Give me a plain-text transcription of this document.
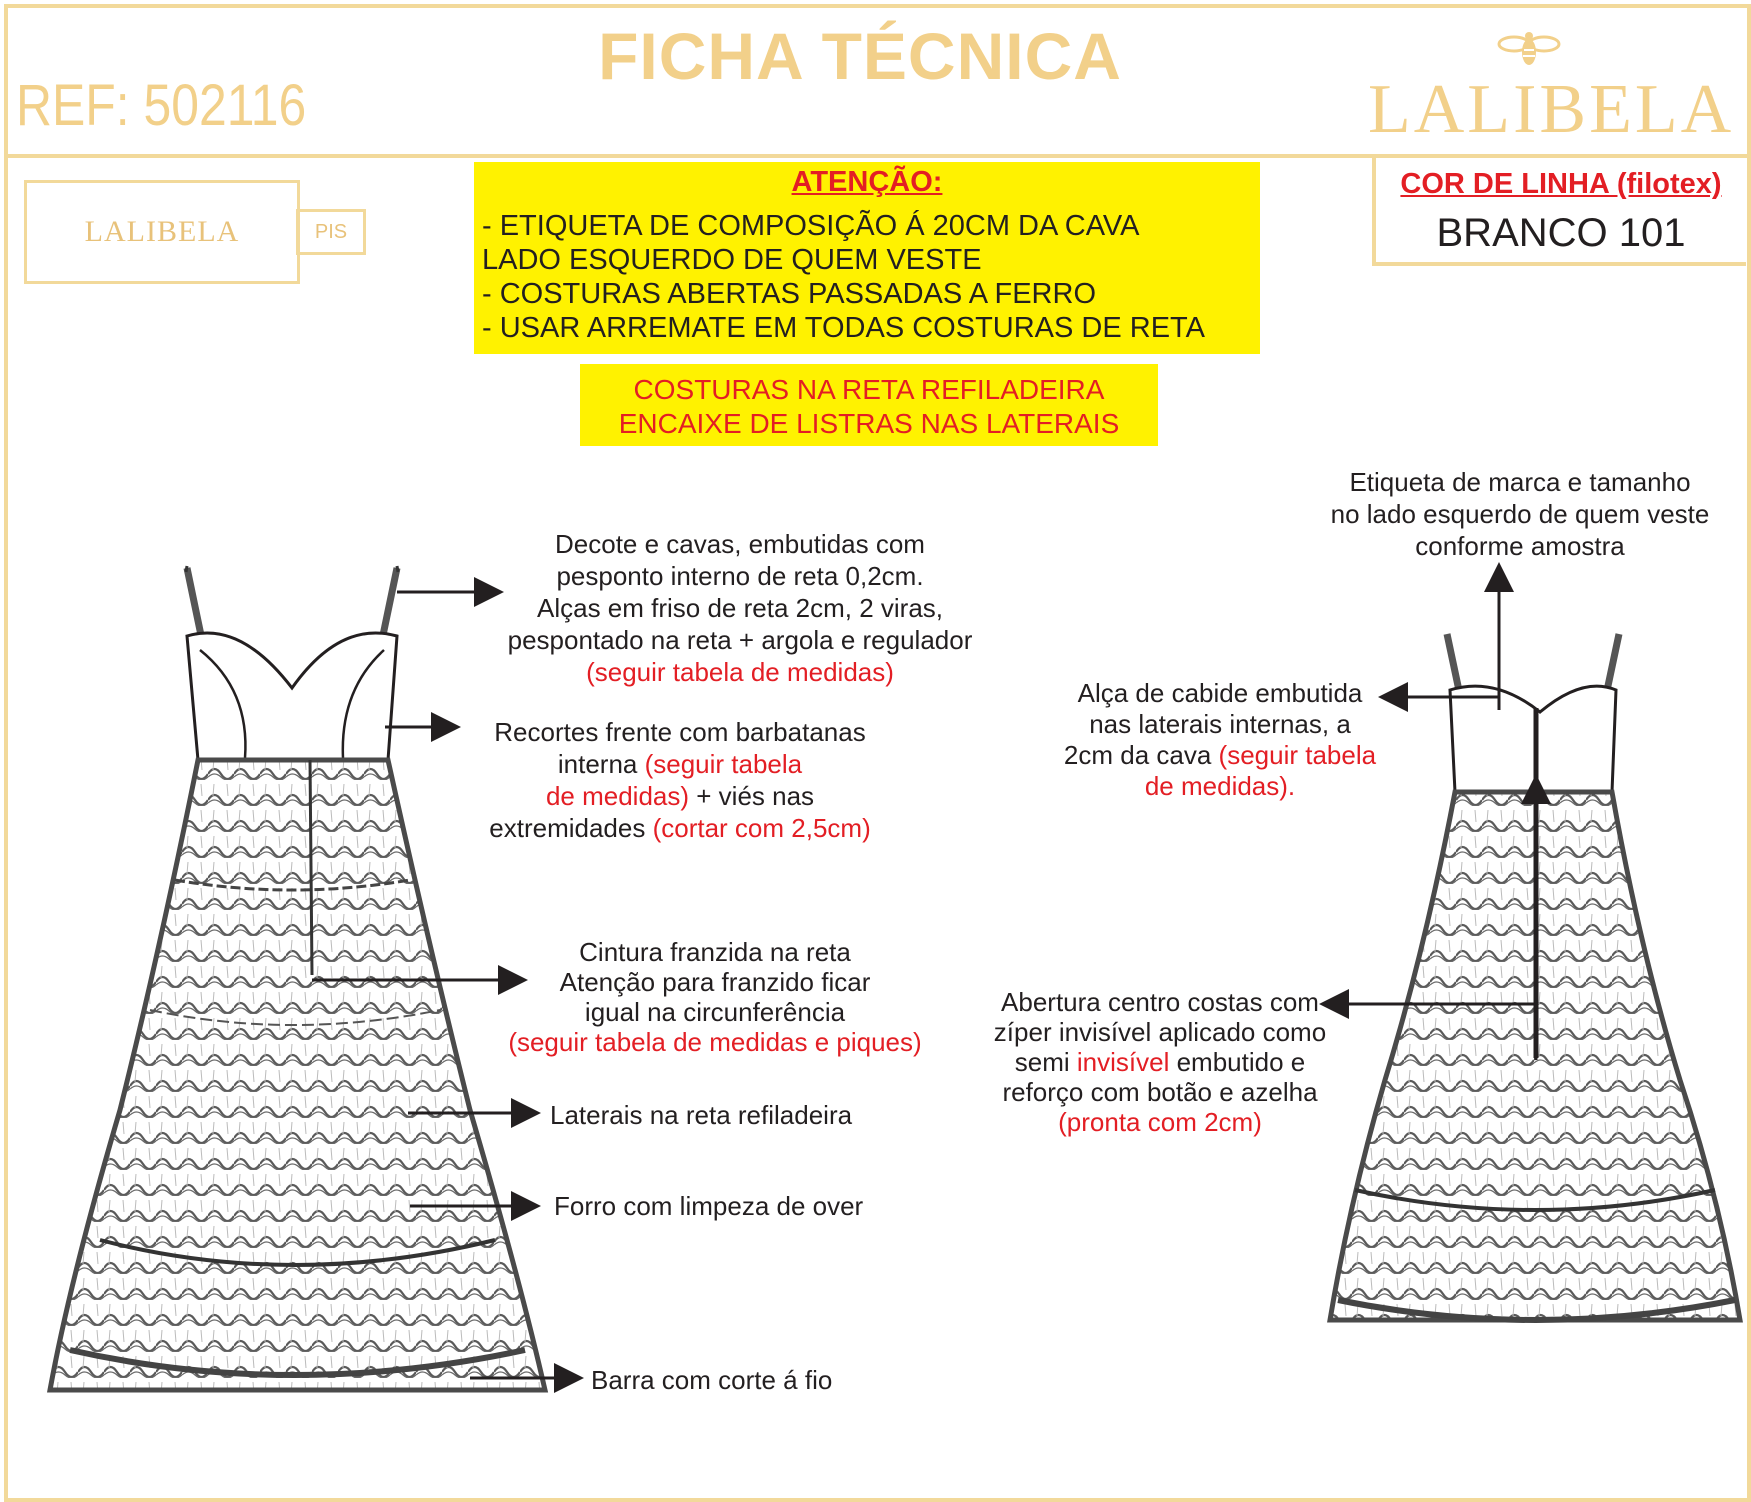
FICHA TÉCNICA
REF: 502116	LALIBELA
LALIBELA	PIS
ATENÇÃO:
- ETIQUETA DE COMPOSIÇÃO Á 20CM DA CAVA
LADO ESQUERDO DE QUEM VESTE
- COSTURAS ABERTAS PASSADAS A FERRO
- USAR ARREMATE EM TODAS COSTURAS DE RETA
COSTURAS NA RETA REFILADEIRA
ENCAIXE DE LISTRAS NAS LATERAIS
COR DE LINHA (filotex)
BRANCO 101
Decote e cavas, embutidas com
pesponto interno de reta 0,2cm.
Alças em friso de reta 2cm, 2 viras,
pespontado na reta + argola e regulador
(seguir tabela de medidas)
Recortes frente com barbatanas
interna (seguir tabela
de medidas) + viés nas
extremidades (cortar com 2,5cm)
Cintura franzida na reta
Atenção para franzido ficar
igual na circunferência
(seguir tabela de medidas e piques)
Laterais na reta refiladeira
Forro com limpeza de over
Barra com corte á fio
Etiqueta de marca e tamanho
no lado esquerdo de quem veste
conforme amostra
Alça de cabide embutida
nas laterais internas, a
2cm da cava (seguir tabela
de medidas).
Abertura centro costas com
zíper invisível aplicado como
semi invisível embutido e
reforço com botão e azelha
(pronta com 2cm)
